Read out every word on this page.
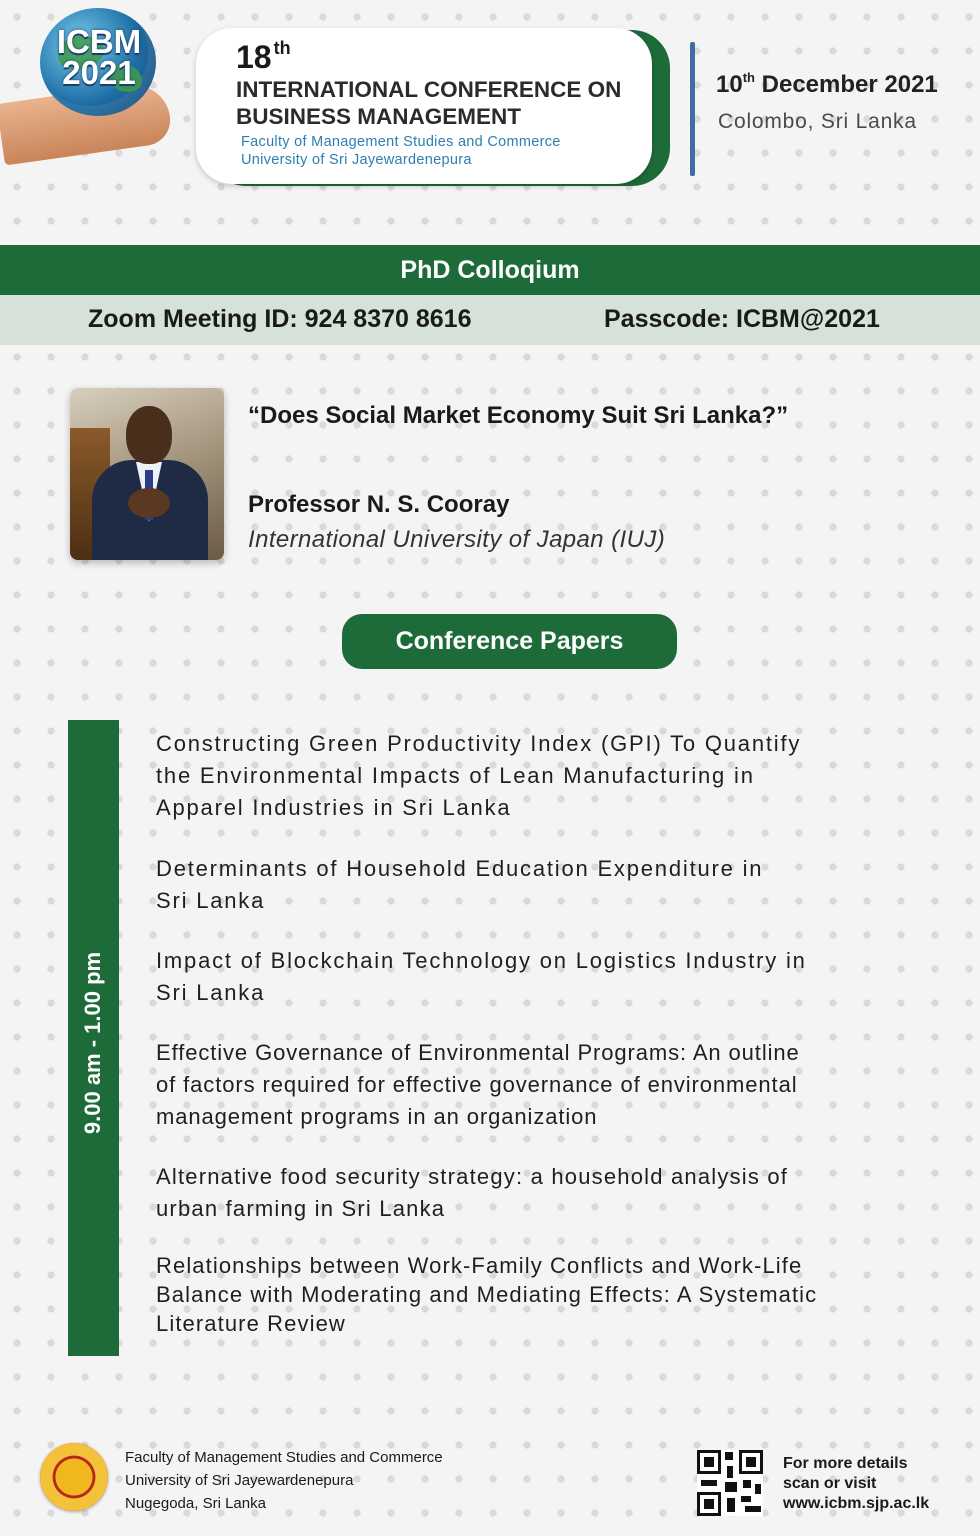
ICBM
2021	18 $^{th}$
INTERNATIONAL CONFERENCE ON
BUSINESS MANAGEMENT
Faculty of Management Studies and Commerce
University of Sri Jayewardenepura
10th December 2021
Colombo, Sri Lanka
PhD Colloqium
Zoom Meeting ID: 924 8370 8616	Passcode: ICBM@2021
“Does Social Market Economy Suit Sri Lanka?”
Professor N. S. Cooray
International University of Japan (IUJ)
Conference Papers
9.00 am - 1.00 pm
Constructing Green Productivity Index (GPI) To Quantify
the Environmental Impacts of Lean Manufacturing in
Apparel Industries in Sri Lanka
Determinants of Household Education Expenditure in
Sri Lanka
Impact of Blockchain Technology on Logistics Industry in
Sri Lanka
Effective Governance of Environmental Programs: An outline
of factors required for effective governance of environmental
management programs in an organization
Alternative food security strategy: a household analysis of
urban farming in Sri Lanka
Relationships between Work-Family Conflicts and Work-Life
Balance with Moderating and Mediating Effects: A Systematic
Literature Review
Faculty of Management Studies and Commerce
University of Sri Jayewardenepura
Nugegoda, Sri Lanka
For more details
scan or visit
www.icbm.sjp.ac.lk
